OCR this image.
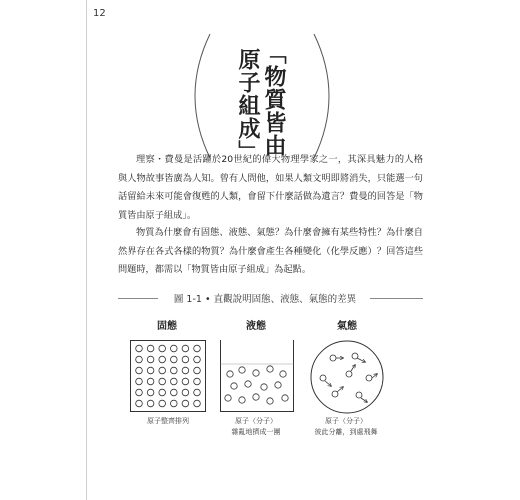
12
「物質皆由
原子組成」

理察・費曼是活躍於20世紀的偉大物理學家之一，其深具魅力的人格與人物故事皆廣為人知。曾有人問他，如果人類文明即將消失，只能選一句話留給未來可能會復甦的人類，會留下什麼話做為遺言？費曼的回答是「物質皆由原子組成」。

物質為什麼會有固態、液態、氣態？為什麼會擁有某些特性？為什麼自然界存在各式各樣的物質？為什麼會產生各種變化（化學反應）？回答這些問題時，都需以「物質皆由原子組成」為起點。

圖 1-1 • 直觀說明固態、液態、氣態的差異
固態
原子整齊排列
液態
原子（分子）
雜亂地擠成一團
氣態
原子（分子）
彼此分離，到處飛舞
